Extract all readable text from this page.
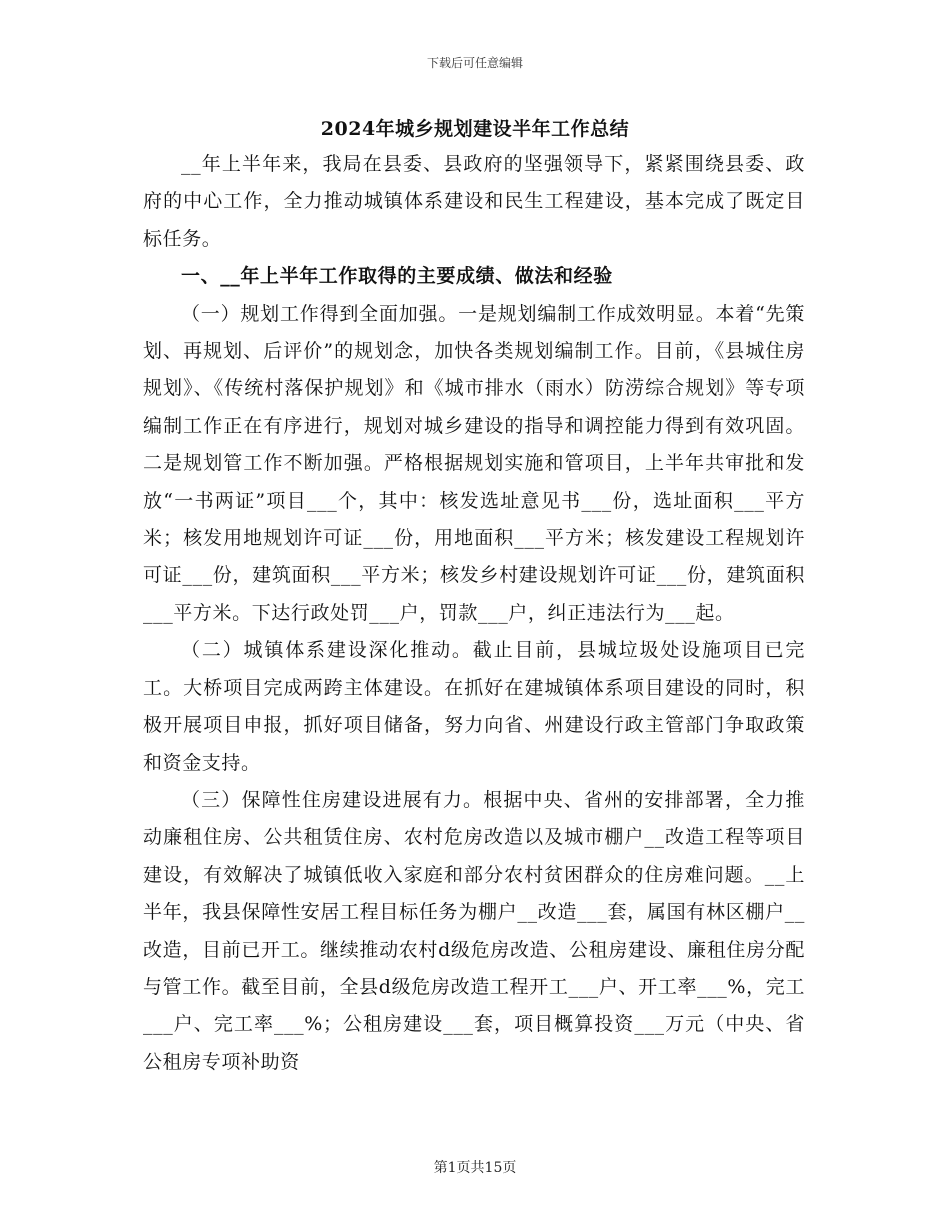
下载后可任意编辑
2024年城乡规划建设半年工作总结

__年上半年来，我局在县委、县政府的坚强领导下，紧紧围绕县委、政府的中心工作，全力推动城镇体系建设和民生工程建设，基本完成了既定目标任务。

一、__年上半年工作取得的主要成绩、做法和经验

（一）规划工作得到全面加强。一是规划编制工作成效明显。本着“先策划、再规划、后评价”的规划念，加快各类规划编制工作。目前，《县城住房规划》、《传统村落保护规划》和《城市排水（雨水）防涝综合规划》等专项编制工作正在有序进行，规划对城乡建设的指导和调控能力得到有效巩固。二是规划管工作不断加强。严格根据规划实施和管项目，上半年共审批和发放“一书两证”项目___个，其中：核发选址意见书___份，选址面积___平方米；核发用地规划许可证___份，用地面积___平方米；核发建设工程规划许可证___份，建筑面积___平方米；核发乡村建设规划许可证___份，建筑面积___平方米。下达行政处罚___户，罚款___户，纠正违法行为___起。

（二）城镇体系建设深化推动。截止目前，县城垃圾处设施项目已完工。大桥项目完成两跨主体建设。在抓好在建城镇体系项目建设的同时，积极开展项目申报，抓好项目储备，努力向省、州建设行政主管部门争取政策和资金支持。

（三）保障性住房建设进展有力。根据中央、省州的安排部署，全力推动廉租住房、公共租赁住房、农村危房改造以及城市棚户__改造工程等项目建设，有效解决了城镇低收入家庭和部分农村贫困群众的住房难问题。__上半年，我县保障性安居工程目标任务为棚户__改造___套，属国有林区棚户__改造，目前已开工。继续推动农村d级危房改造、公租房建设、廉租住房分配与管工作。截至目前，全县d级危房改造工程开工___户、开工率___%，完工___户、完工率___%；公租房建设___套，项目概算投资___万元（中央、省公租房专项补助资

第1页共15页
